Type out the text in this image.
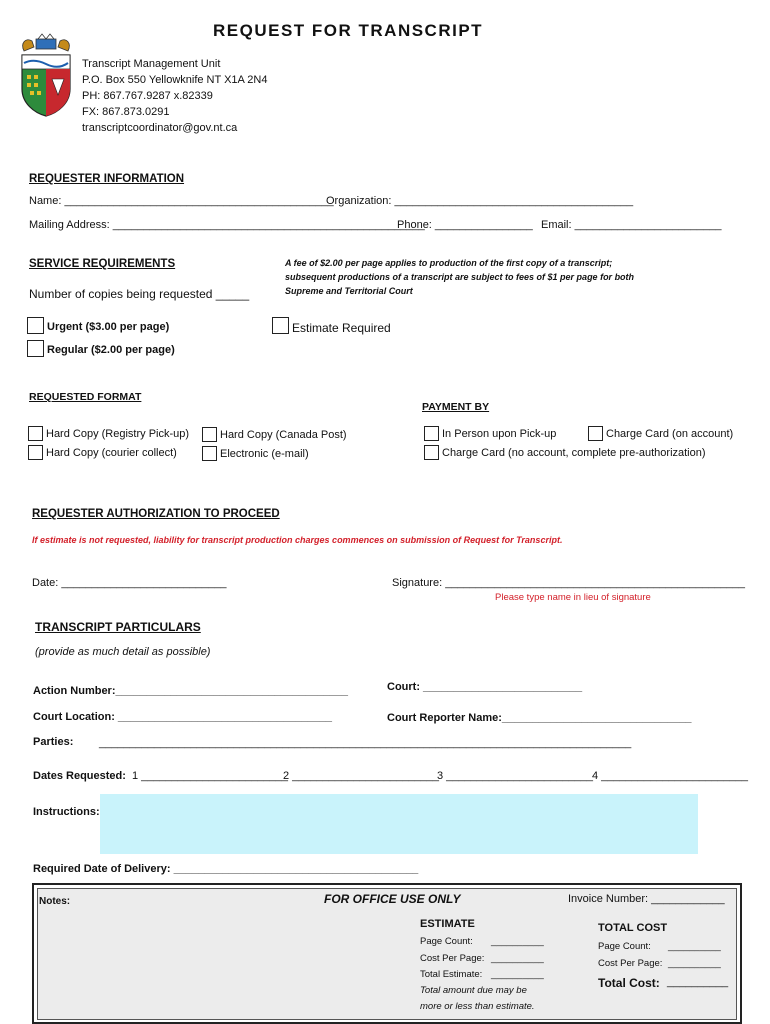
REQUEST FOR TRANSCRIPT
Transcript Management Unit
P.O. Box 550 Yellowknife NT X1A 2N4
PH: 867.767.9287 x.82339
FX: 867.873.0291
transcriptcoordinator@gov.nt.ca
REQUESTER INFORMATION
Name: ____________________________________________
Organization: _______________________________________
Mailing Address: ___________________________________________________
Phone: ________________ Email: ________________________
SERVICE REQUIREMENTS
Number of copies being requested _____
A fee of $2.00 per page applies to production of the first copy of a transcript;
subsequent productions of a transcript are subject to fees of $1 per page for both
Supreme and Territorial Court
Urgent ($3.00 per page)
Regular ($2.00 per page)
Estimate Required
REQUESTED FORMAT
Hard Copy (Registry Pick-up)
Hard Copy (courier collect)
Hard Copy (Canada Post)
Electronic (e-mail)
PAYMENT BY
In Person upon Pick-up	Charge Card (on account)
Charge Card (no account, complete pre-authorization)
REQUESTER AUTHORIZATION TO PROCEED
If estimate is not requested, liability for transcript production charges commences on submission of Request for Transcript.
Date: ___________________________	Signature: _________________________________________________
Please type name in lieu of signature
TRANSCRIPT PARTICULARS
(provide as much detail as possible)
Action Number:______________________________________	Court: __________________________
Court Location: ___________________________________	Court Reporter Name:_______________________________
Parties: _______________________________________________________________________________________
Dates Requested: 1 ________________________
2 ________________________
3 ________________________ 4 ________________________
Instructions:
Required Date of Delivery: ________________________________________
Notes:	FOR OFFICE USE ONLY	Invoice Number: ____________
ESTIMATE
Page Count: __________
Cost Per Page: __________
Total Estimate: __________
Total amount due may be
more or less than estimate.
TOTAL COST
Page Count: __________
Cost Per Page: __________
Total Cost: __________
